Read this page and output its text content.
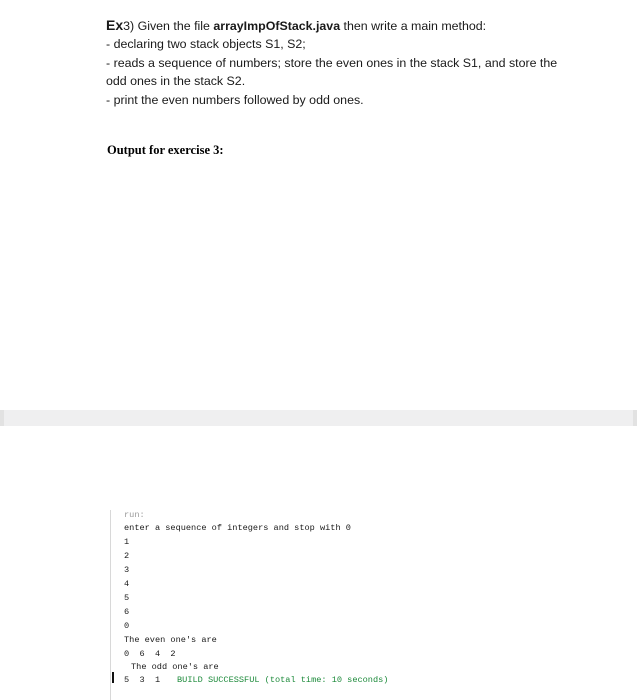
Ex3) Given the file arrayImpOfStack.java then write a main method:
- declaring two stack objects S1, S2;
- reads a sequence of numbers; store the even ones in the stack S1, and store the
odd ones in the stack S2.
- print the even numbers followed by odd ones.
Output for exercise 3:
run:
enter a sequence of integers and stop with 0
1
2
3
4
5
6
0
The even one's are
0  6  4  2
The odd one's are
5  3  1 BUILD SUCCESSFUL (total time: 10 seconds)
